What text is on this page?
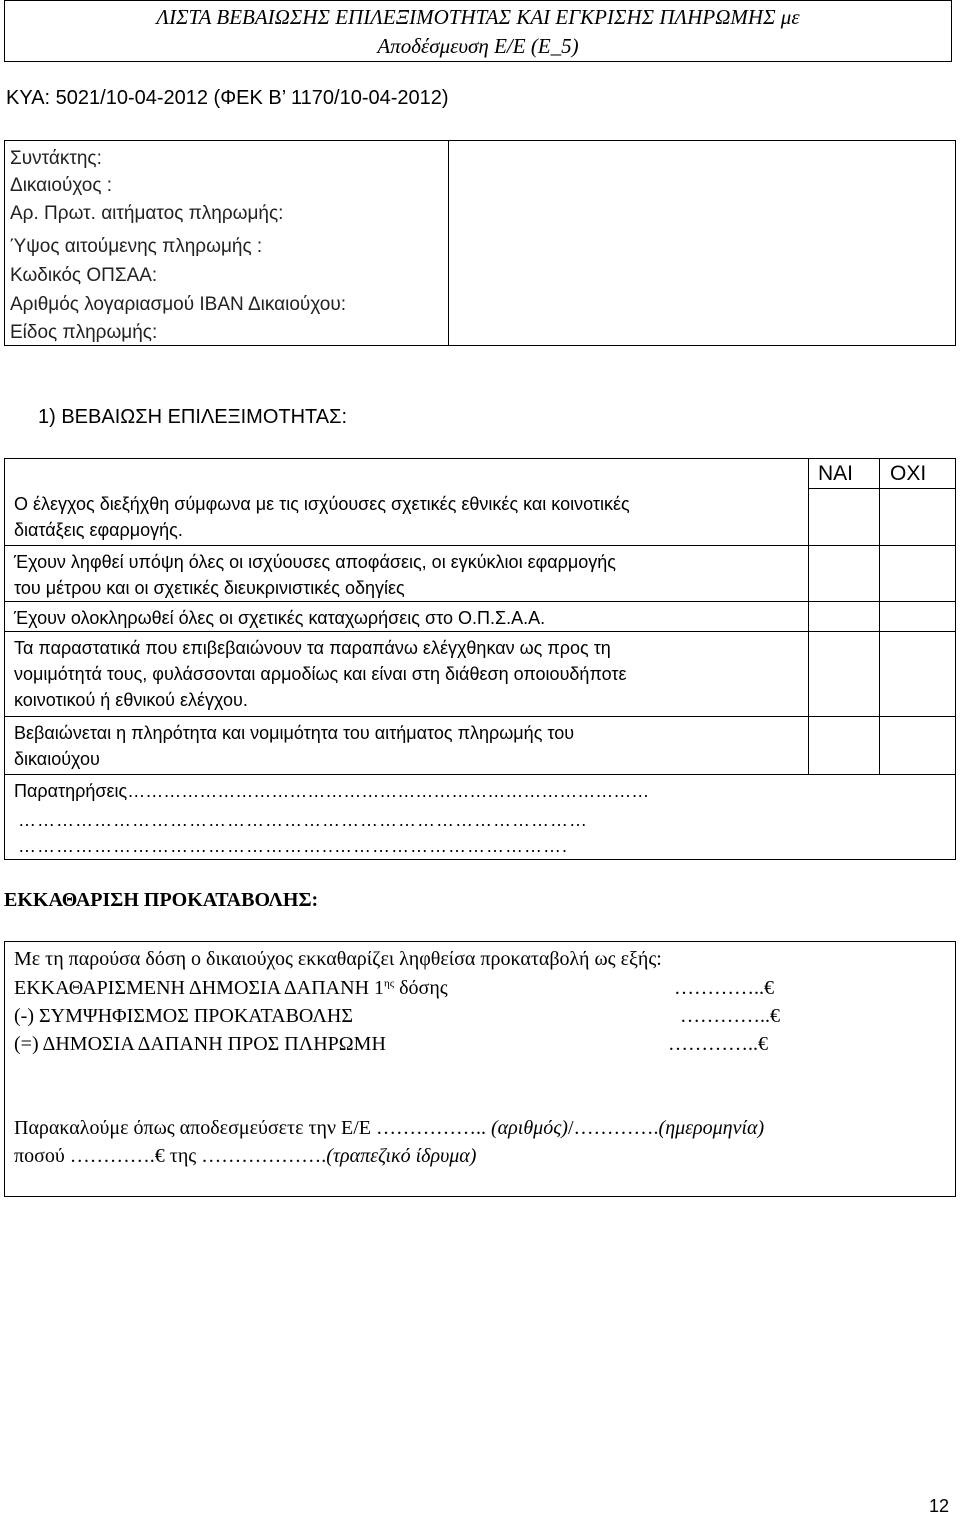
ΛΙΣΤΑ ΒΕΒΑΙΩΣΗΣ ΕΠΙΛΕΞΙΜΟΤΗΤΑΣ ΚΑΙ ΕΓΚΡΙΣΗΣ ΠΛΗΡΩΜΗΣ με
Αποδέσμευση Ε/Ε (Ε_5)
ΚΥΑ: 5021/10-04-2012 (ΦΕΚ Β’ 1170/10-04-2012)
Συντάκτης:
Δικαιούχος :
Αρ. Πρωτ. αιτήματος πληρωμής:
Ύψος αιτούμενης πληρωμής :
Κωδικός ΟΠΣΑΑ:
Αριθμός λογαριασμού ΙΒΑΝ Δικαιούχου:
Είδος πληρωμής:
1) ΒΕΒΑΙΩΣΗ ΕΠΙΛΕΞΙΜΟΤΗΤΑΣ:
ΝΑΙ ΟΧΙ
Ο έλεγχος διεξήχθη σύμφωνα με τις ισχύουσες σχετικές εθνικές και κοινοτικές
διατάξεις εφαρμογής.
Έχουν ληφθεί υπόψη όλες οι ισχύουσες αποφάσεις, οι εγκύκλιοι εφαρμογής
του μέτρου και οι σχετικές διευκρινιστικές οδηγίες
Έχουν ολοκληρωθεί όλες οι σχετικές καταχωρήσεις στο Ο.Π.Σ.Α.Α.
Τα παραστατικά που επιβεβαιώνουν τα παραπάνω ελέγχθηκαν ως προς τη
νομιμότητά τους, φυλάσσονται αρμοδίως και είναι στη διάθεση οποιουδήποτε
κοινοτικού ή εθνικού ελέγχου.
Βεβαιώνεται η πληρότητα και νομιμότητα του αιτήματος πληρωμής του
δικαιούχου
Παρατηρήσεις……………………………………………………………………………
………………………………………………………………………………
…………………………………………..……………………………….
ΕΚΚΑΘΑΡΙΣΗ ΠΡΟΚΑΤΑΒΟΛΗΣ:
Με τη παρούσα δόση ο δικαιούχος εκκαθαρίζει ληφθείσα προκαταβολή ως εξής:
ΕΚΚΑΘΑΡΙΣΜΕΝΗ ΔΗΜΟΣΙΑ ΔΑΠΑΝΗ $1^{\eta\varsigma}$ δόσης	…………..€
(-) ΣΥΜΨΗΦΙΣΜΟΣ ΠΡΟΚΑΤΑΒΟΛΗΣ	…………..€
(=) ΔΗΜΟΣΙΑ ΔΑΠΑΝΗ ΠΡΟΣ ΠΛΗΡΩΜΗ	…………..€
Παρακαλούμε όπως αποδεσμεύσετε την Ε/Ε …………….. (αριθμός)/………….(ημερομηνία)
ποσού ………….€ της ……………….(τραπεζικό ίδρυμα)
12
